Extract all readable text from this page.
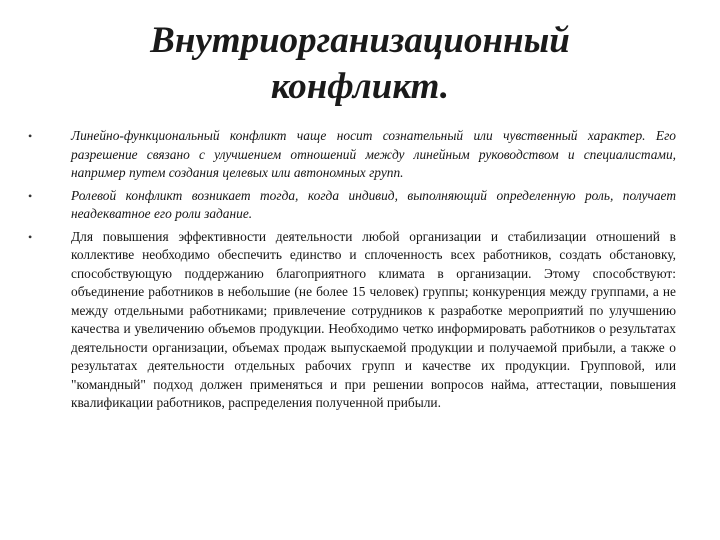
Внутриорганизационный
конфликт.
•	Линейно-функциональный конфликт чаще носит сознательный или чувственный характер. Его разрешение связано с улучшением отношений между линейным руководством и специалистами, например путем создания целевых или автономных групп.
•	Ролевой конфликт возникает тогда, когда индивид, выполняющий определенную роль, получает неадекватное его роли задание.
•	Для повышения эффективности деятельности любой организации и стабилизации отношений в коллективе необходимо обеспечить единство и сплоченность всех работников, создать обстановку, способствующую поддержанию благоприятного климата в организации. Этому способствуют: объединение работников в небольшие (не более 15 человек) группы; конкуренция между группами, а не между отдельными работниками; привлечение сотрудников к разработке мероприятий по улучшению качества и увеличению объемов продукции. Необходимо четко информировать работников о результатах деятельности организации, объемах продаж выпускаемой продукции и получаемой прибыли, а также о результатах деятельности отдельных рабочих групп и качестве их продукции. Групповой, или "командный" подход должен применяться и при решении вопросов найма, аттестации, повышения квалификации работников, распределения полученной прибыли.
